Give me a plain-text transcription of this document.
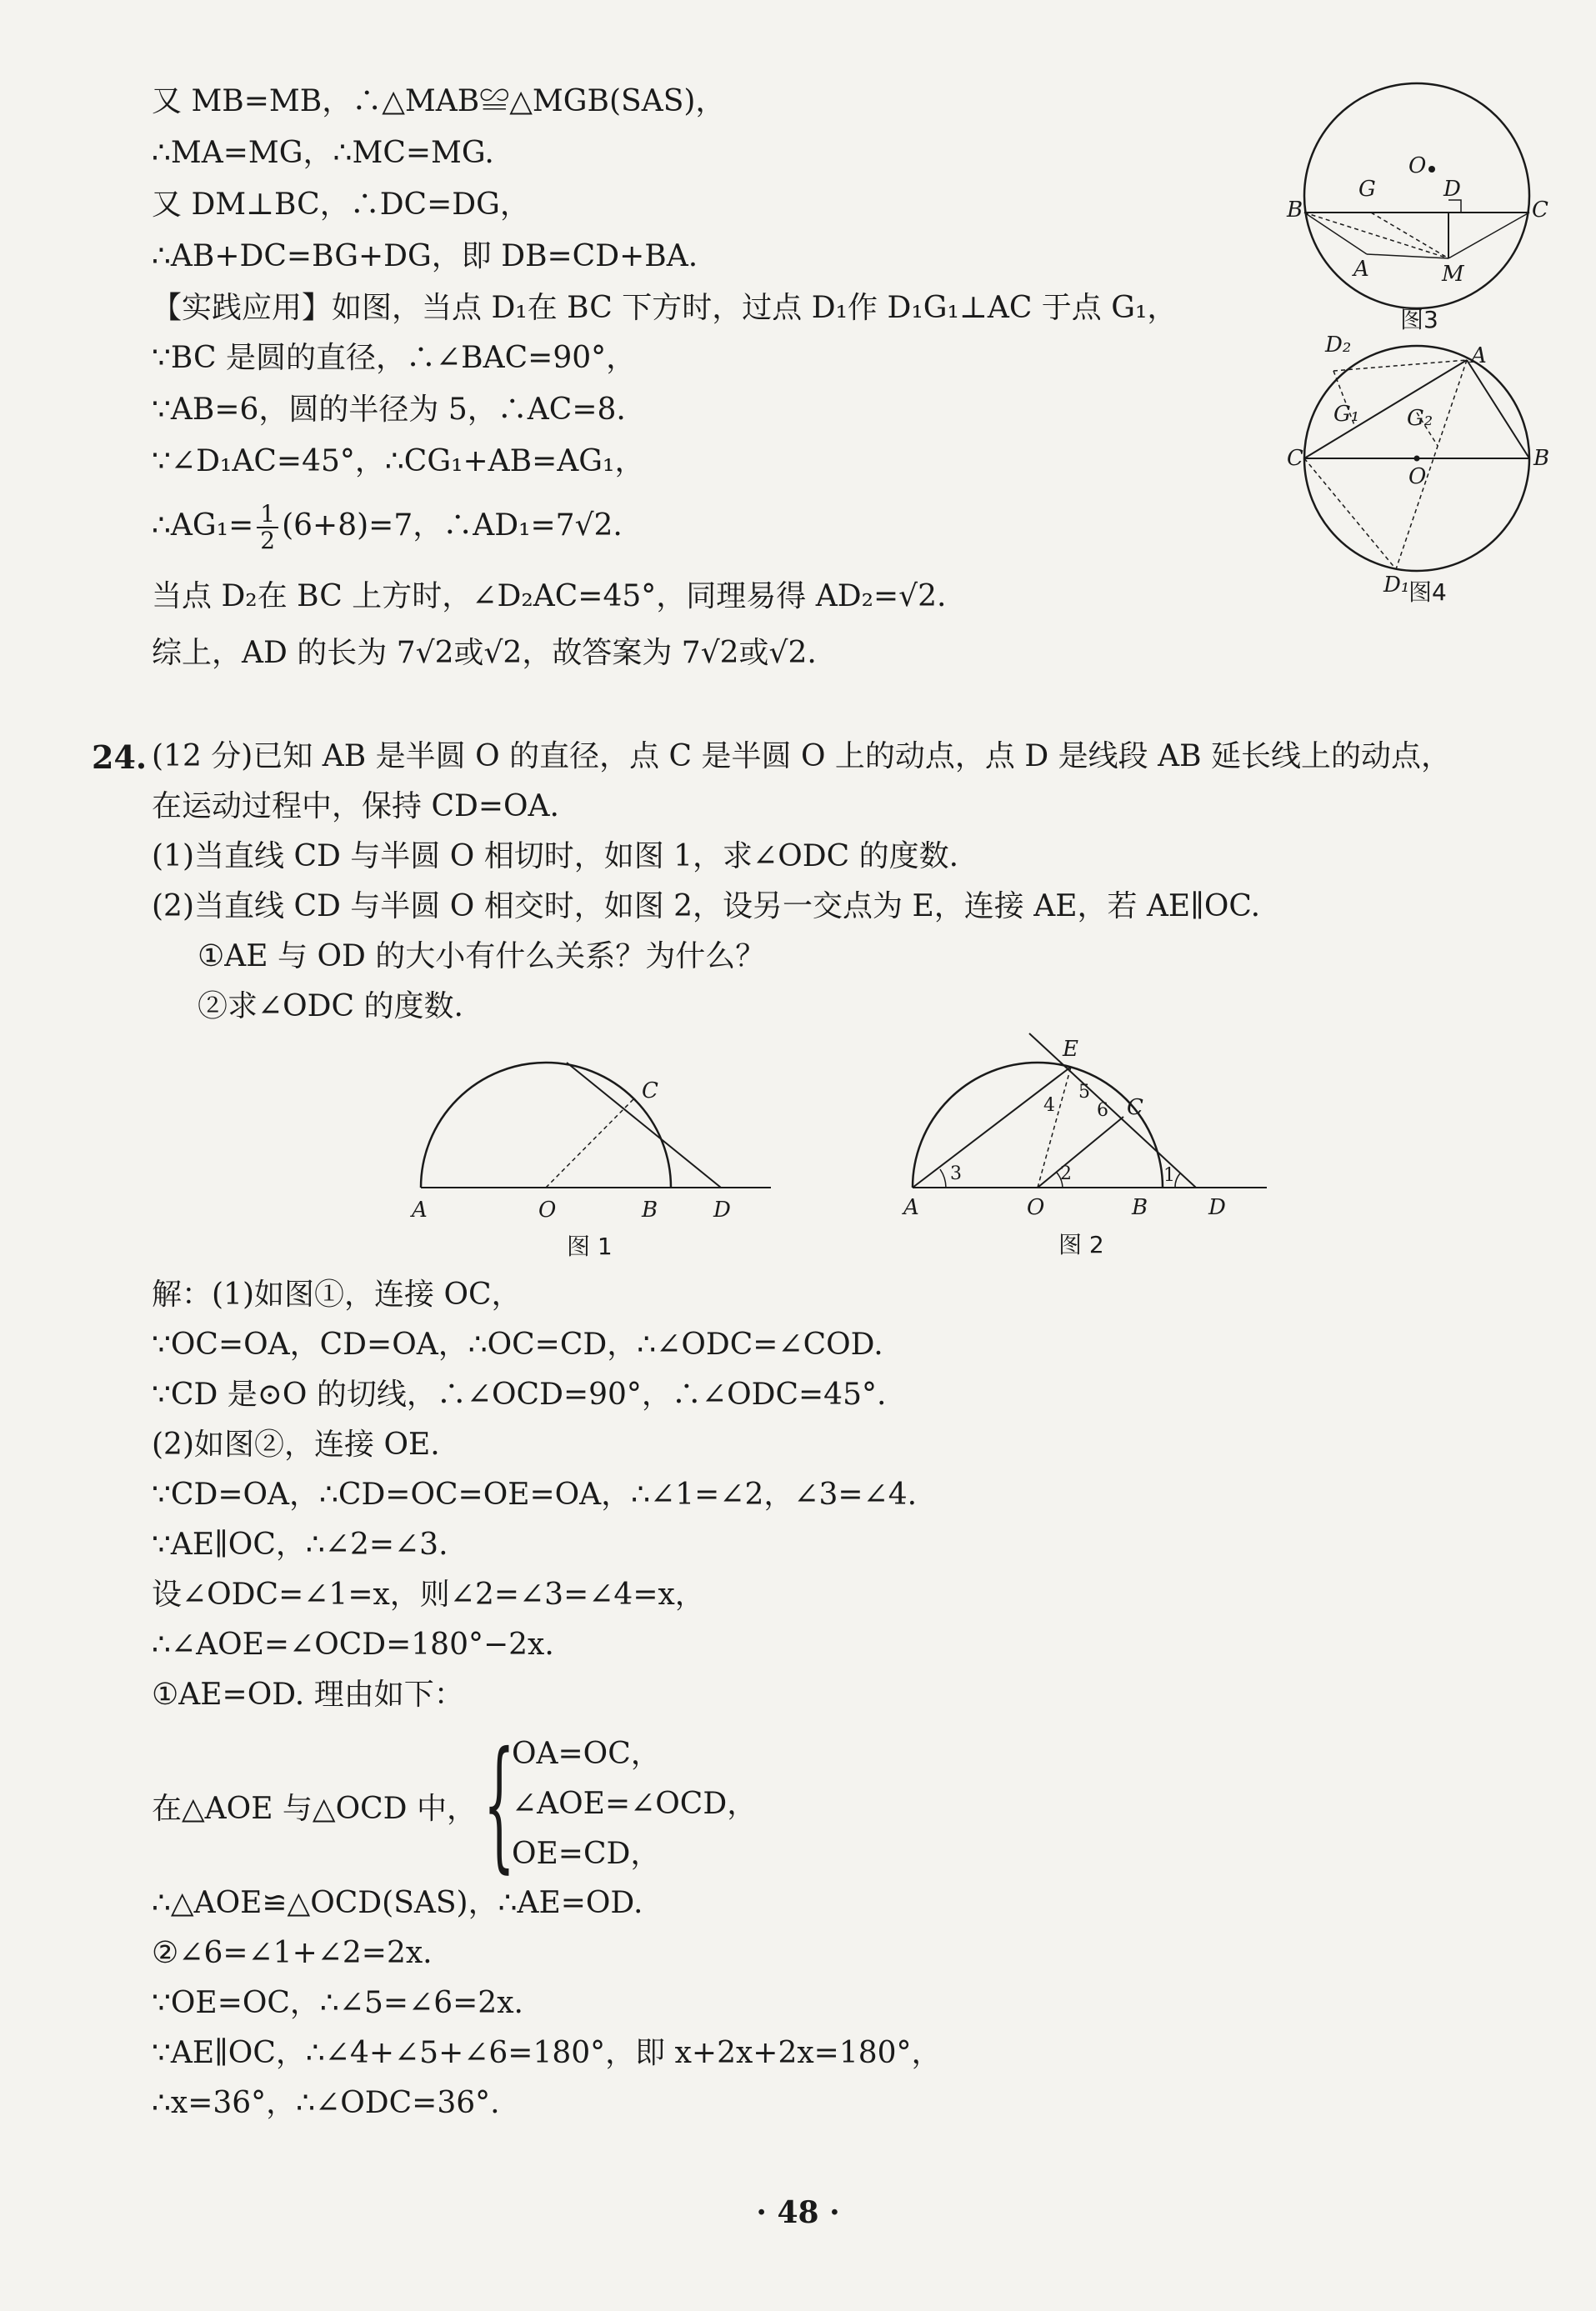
又 MB=MB，∴△MAB≌△MGB(SAS)，
∴MA=MG，∴MC=MG.
又 DM⊥BC，∴DC=DG，
∴AB+DC=BG+DG，即 DB=CD+BA.
【实践应用】如图，当点 D₁在 BC 下方时，过点 D₁作 D₁G₁⊥AC 于点 G₁，
∵BC 是圆的直径，∴∠BAC=90°，
∵AB=6，圆的半径为 5，∴AC=8.
∵∠D₁AC=45°，∴CG₁+AB=AG₁，
∴AG₁= $\frac{1}{2} (6+8)=7$，∴AD₁=7√2.
当点 D₂在 BC 上方时，∠D₂AC=45°，同理易得 AD₂=√2.
综上，AD 的长为 7√2或√2，故答案为 7√2或√2.
O
B
G	D
C
A	M
图3
D₂	A
G₁ G₂
C
O
B
D₁
图4
24. (12 分)已知 AB 是半圆 O 的直径，点 C 是半圆 O 上的动点，点 D 是线段 AB 延长线上的动点，
在运动过程中，保持 CD=OA.
(1)当直线 CD 与半圆 O 相切时，如图 1，求∠ODC 的度数.
(2)当直线 CD 与半圆 O 相交时，如图 2，设另一交点为 E，连接 AE，若 AE∥OC.
①AE 与 OD 的大小有什么关系？为什么？
②求∠ODC 的度数.
A	O	B	D
C
图 1
A	O	B	D
C
E
1
2
3
4
5
6
图 2
解：(1)如图①，连接 OC，
∵OC=OA，CD=OA，∴OC=CD，∴∠ODC=∠COD.
∵CD 是⊙O 的切线，∴∠OCD=90°，∴∠ODC=45°.
(2)如图②，连接 OE.
∵CD=OA，∴CD=OC=OE=OA，∴∠1=∠2，∠3=∠4.
∵AE∥OC，∴∠2=∠3.
设∠ODC=∠1=x，则∠2=∠3=∠4=x，
∴∠AOE=∠OCD=180°−2x.
①AE=OD. 理由如下：
在△AOE 与△OCD 中， {
OA=OC，
∠AOE=∠OCD，
OE=CD，
∴△AOE≌△OCD(SAS)，∴AE=OD.
②∠6=∠1+∠2=2x.
∵OE=OC，∴∠5=∠6=2x.
∵AE∥OC，∴∠4+∠5+∠6=180°，即 x+2x+2x=180°，
∴x=36°，∴∠ODC=36°.
· 48 ·
